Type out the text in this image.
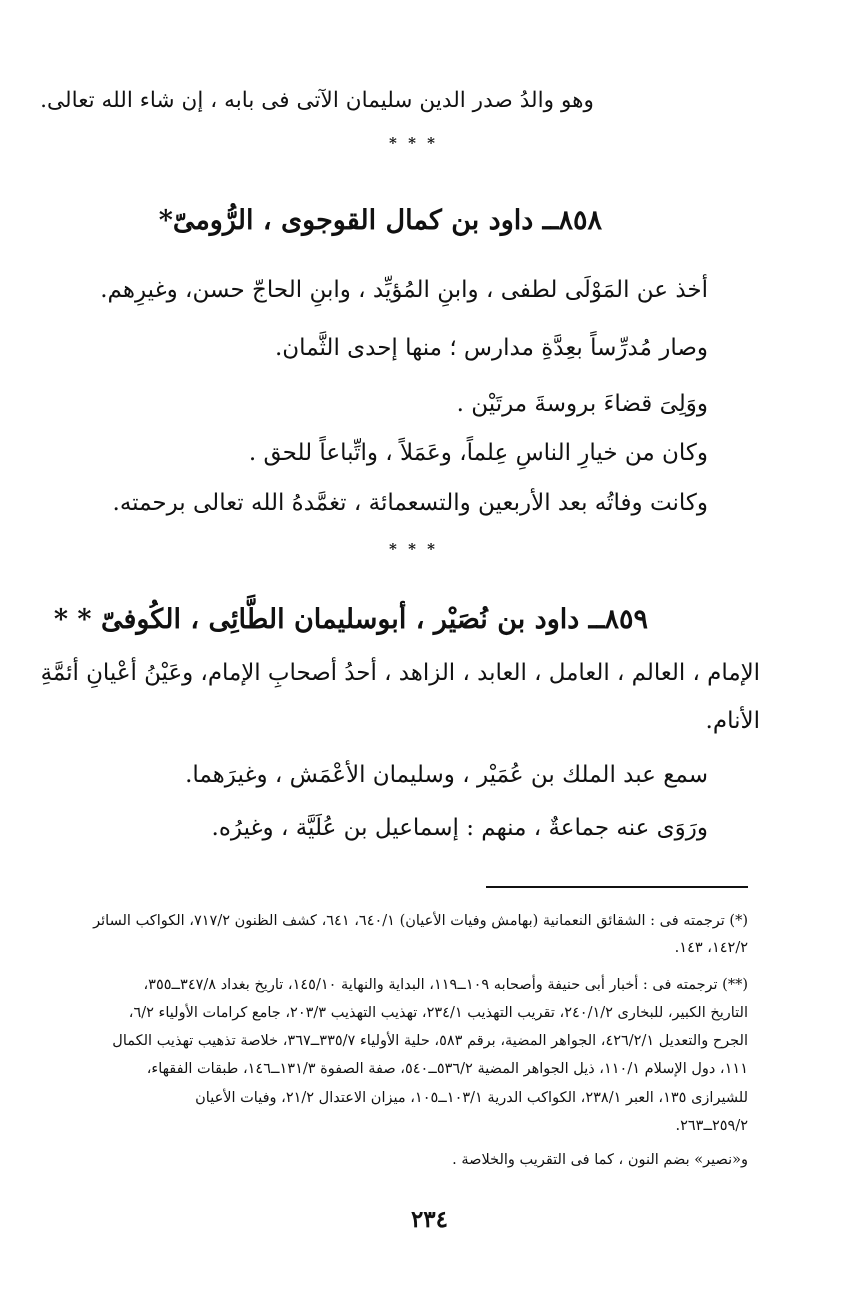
وهو والدُ صدر الدين سليمان الآتى فى بابه ، إن شاء الله تعالى.
* * *
٨٥٨ــ داود بن كمال القوجوى ، الرُّومىّ*
أخذ عن المَوْلَى لطفى ، وابنِ المُؤيِّد ، وابنِ الحاجّ حسن، وغيرِهم.
وصار مُدرِّساً بعِدَّةِ مدارس ؛ منها إحدى الثَّمان.
ووَلِىَ قضاءَ بروسةَ مرتَيْن .
وكان من خيارِ الناسِ عِلماً، وعَمَلاً ، واتِّباعاً للحق .
وكانت وفاتُه بعد الأربعين والتسعمائة ، تغمَّدهُ الله تعالى برحمته.
* * *
٨٥٩ــ داود بن نُصَيْر ، أبوسليمان الطَّائِى ، الكُوفىّ * *
الإمام ، العالم ، العامل ، العابد ، الزاهد ، أحدُ أصحابِ الإمام، وعَيْنُ أعْيانِ أئمَّةِ
الأنام.
سمع عبد الملك بن عُمَيْر ، وسليمان الأعْمَش ، وغيرَهما.
ورَوَى عنه جماعةٌ ، منهم : إسماعيل بن عُلَيَّة ، وغيرُه.
(*) ترجمته فى : الشقائق النعمانية (بهامش وفيات الأعيان) ٦٤٠/١، ٦٤١، كشف الظنون ٧١٧/٢، الكواكب السائر
١٤٢/٢، ١٤٣.
(**) ترجمته فى : أخبار أبى حنيفة وأصحابه ١٠٩ــ١١٩، البداية والنهاية ١٤٥/١٠، تاريخ بغداد ٣٤٧/٨ــ٣٥٥،
التاريخ الكبير، للبخارى ٢٤٠/١/٢، تقريب التهذيب ٢٣٤/١، تهذيب التهذيب ٢٠٣/٣، جامع كرامات الأولياء ٦/٢،
الجرح والتعديل ٤٢٦/٢/١، الجواهر المضية، برقم ٥٨٣، حلية الأولياء ٣٣٥/٧ــ٣٦٧، خلاصة تذهيب تهذيب الكمال
١١١، دول الإسلام ١١٠/١، ذيل الجواهر المضية ٥٣٦/٢ــ٥٤٠، صفة الصفوة ١٣١/٣ــ١٤٦، طبقات الفقهاء،
للشيرازى ١٣٥، العبر ٢٣٨/١، الكواكب الدرية ١٠٣/١ــ١٠٥، ميزان الاعتدال ٢١/٢، وفيات الأعيان
٢٥٩/٢ــ٢٦٣.
و«نصير» بضم النون ، كما فى التقريب والخلاصة .
٢٣٤
